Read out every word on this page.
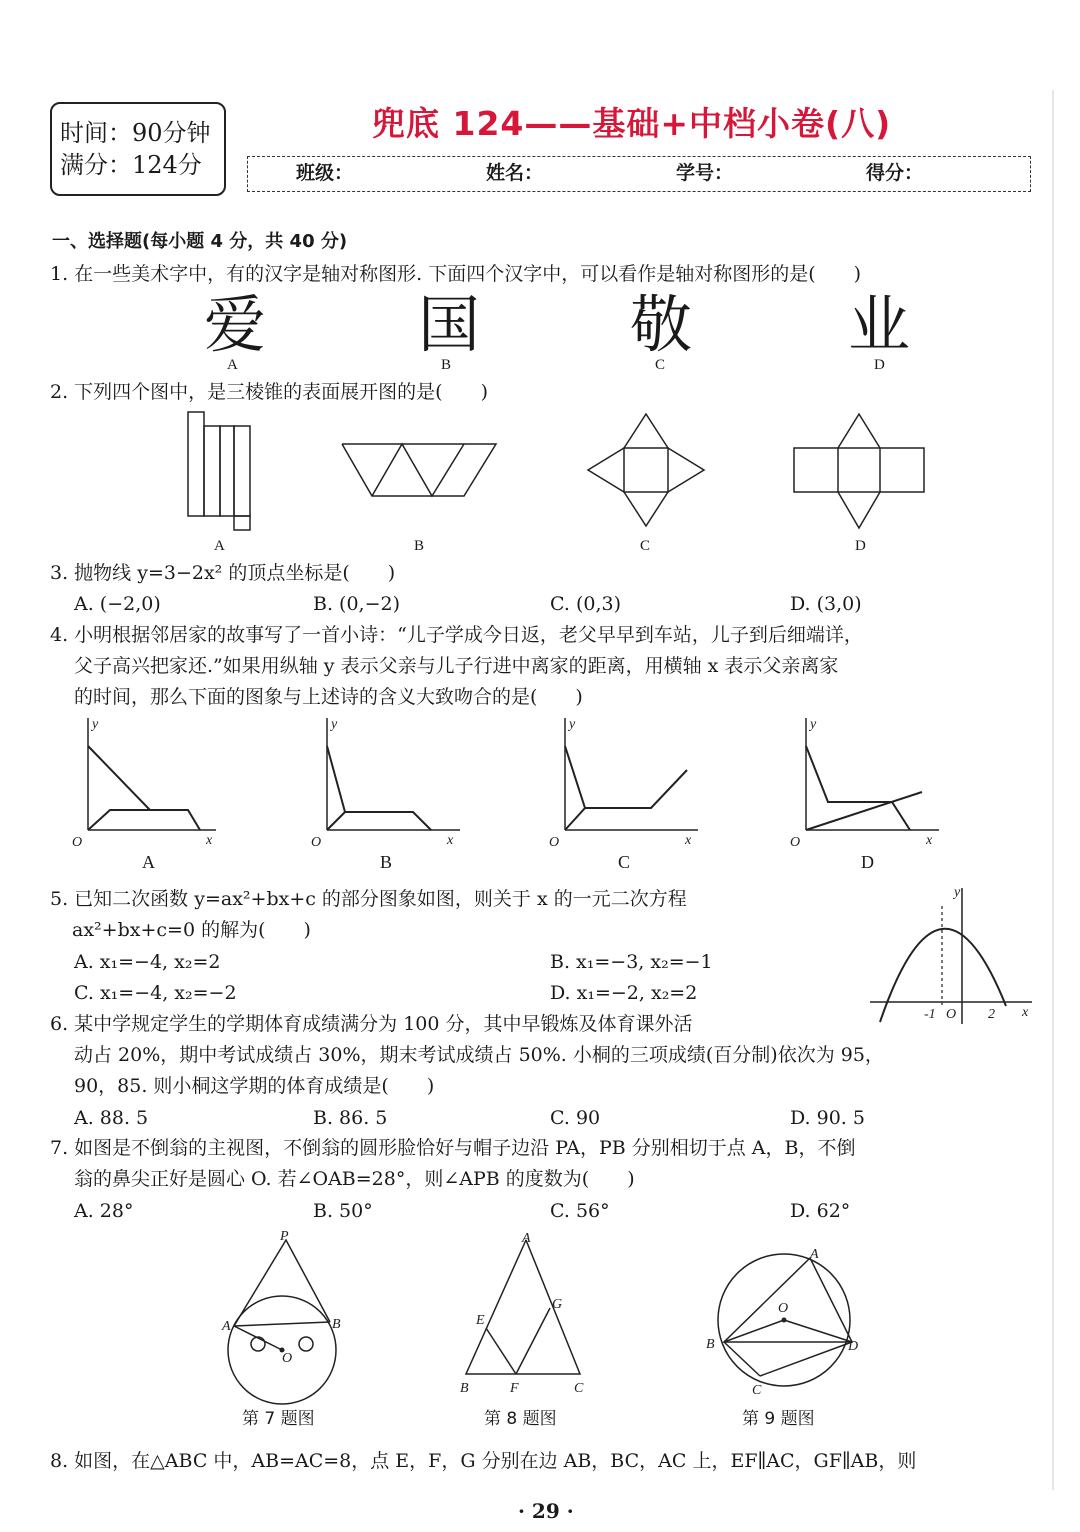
时间：90分钟
满分：124分
兜底 124——基础+中档小卷(八)
班级：	姓名：	学号：	得分：
一、选择题(每小题 4 分，共 40 分)
1. 在一些美术字中，有的汉字是轴对称图形. 下面四个汉字中，可以看作是轴对称图形的是(　　)
爱 国 敬	业
A	B	C	D
2. 下列四个图中，是三棱锥的表面展开图的是(　　)
A	B	C	D
3. 抛物线 y=3−2x² 的顶点坐标是(　　)
A. (−2,0)	B. (0,−2)	C. (0,3)	D. (3,0)
4. 小明根据邻居家的故事写了一首小诗：“儿子学成今日返，老父早早到车站，儿子到后细端详，
父子高兴把家还.”如果用纵轴 y 表示父亲与儿子行进中离家的距离，用横轴 x 表示父亲离家
的时间，那么下面的图象与上述诗的含义大致吻合的是(　　)
y
x
O
y
x
O
y
x
O
y
x
O
A	B	C	D
5. 已知二次函数 y=ax²+bx+c 的部分图象如图，则关于 x 的一元二次方程
ax²+bx+c=0 的解为(　　)
A. x₁=−4, x₂=2	B. x₁=−3, x₂=−1
C. x₁=−4, x₂=−2	D. x₁=−2, x₂=2
y
x
-1 O 2
6. 某中学规定学生的学期体育成绩满分为 100 分，其中早锻炼及体育课外活
动占 20%，期中考试成绩占 30%，期末考试成绩占 50%. 小桐的三项成绩(百分制)依次为 95，
90，85. 则小桐这学期的体育成绩是(　　)
A. 88. 5	B. 86. 5	C. 90	D. 90. 5
7. 如图是不倒翁的主视图，不倒翁的圆形脸恰好与帽子边沿 PA，PB 分别相切于点 A，B，不倒
翁的鼻尖正好是圆心 O. 若∠OAB=28°，则∠APB 的度数为(　　)
A. 28°	B. 50°	C. 56°	D. 62°
P
A	B
O
第 7 题图
A
B	C
E
F
G
第 8 题图
A
B
C
D
O
第 9 题图
8. 如图，在△ABC 中，AB=AC=8，点 E，F，G 分别在边 AB，BC，AC 上，EF∥AC，GF∥AB，则
· 29 ·
